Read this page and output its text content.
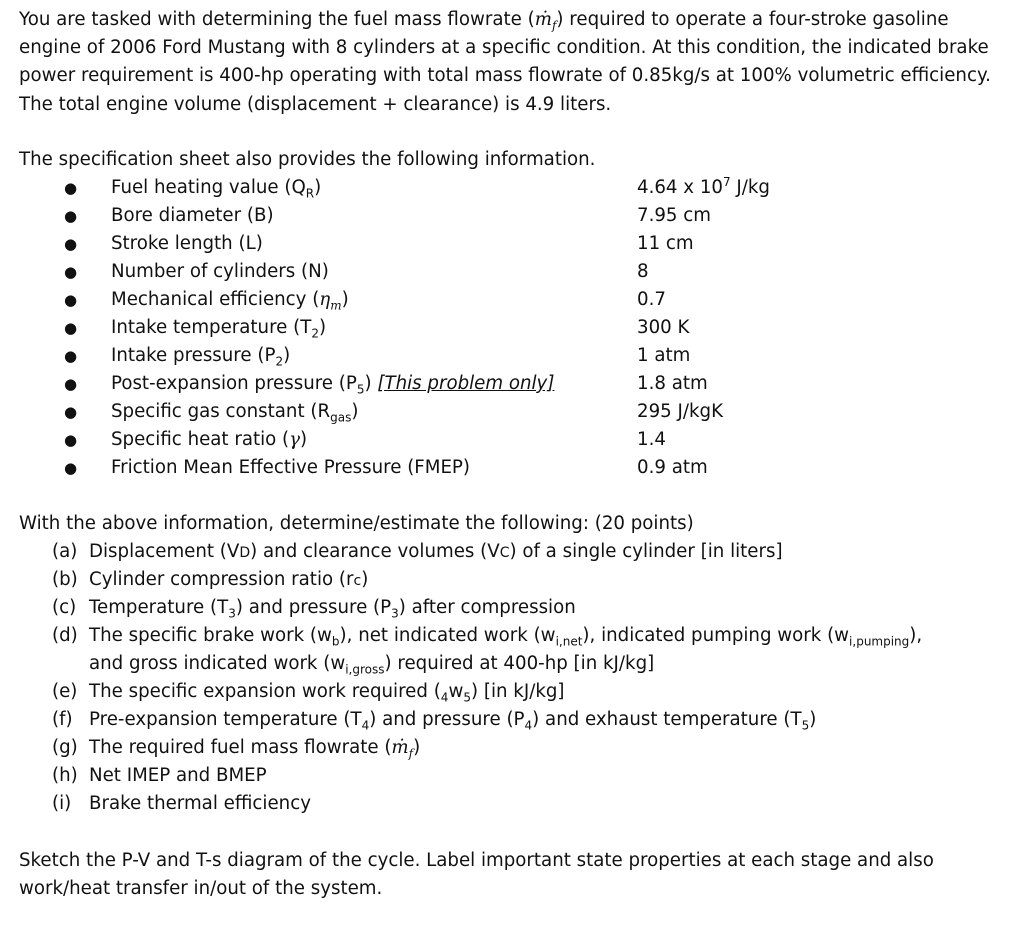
You are tasked with determining the fuel mass flowrate (ṁ$_f$) required to operate a four-stroke gasoline engine of 2006 Ford Mustang with 8 cylinders at a specific condition. At this condition, the indicated brake power requirement is 400-hp operating with total mass flowrate of 0.85kg/s at 100% volumetric efficiency. The total engine volume (displacement + clearance) is 4.9 liters.

The specification sheet also provides the following information.

● Fuel heating value $(Q_R)$	4.64 x $10^7$ J/kg
● Bore diameter (B)	7.95 cm
● Stroke length (L)	11 cm
● Number of cylinders (N)	8
● Mechanical efficiency $(\eta_m)$	0.7
● Intake temperature $(T_2)$	300 K
● Intake pressure $(P_2)$	1 atm
● Post-expansion pressure $(P_5)$ [This problem only]	1.8 atm
● Specific gas constant $(R_{gas})$	295 J/kgK
● Specific heat ratio (γ)	1.4
● Friction Mean Effective Pressure (FMEP)	0.9 atm

With the above information, determine/estimate the following: (20 points)

(a) Displacement (VD) and clearance volumes (VC) of a single cylinder [in liters]
(b) Cylinder compression ratio (rc)
(c) Temperature $(T_3)$ and pressure $(P_3)$ after compression
(d) The specific brake work $(w_b)$, net indicated work $(w_{i,net})$, indicated pumping work $(w_{i,pumping})$,
and gross indicated work $(w_{i,gross})$ required at 400-hp [in kJ/kg]
(e) The specific expansion work required $(_4w_5)$ [in kJ/kg]
(f) Pre-expansion temperature $(T_4)$ and pressure $(P_4)$ and exhaust temperature $(T_5)$
(g) The required fuel mass flowrate (ṁ$_f$)
(h) Net IMEP and BMEP
(i) Brake thermal efficiency

Sketch the P-V and T-s diagram of the cycle. Label important state properties at each stage and also work/heat transfer in/out of the system.
